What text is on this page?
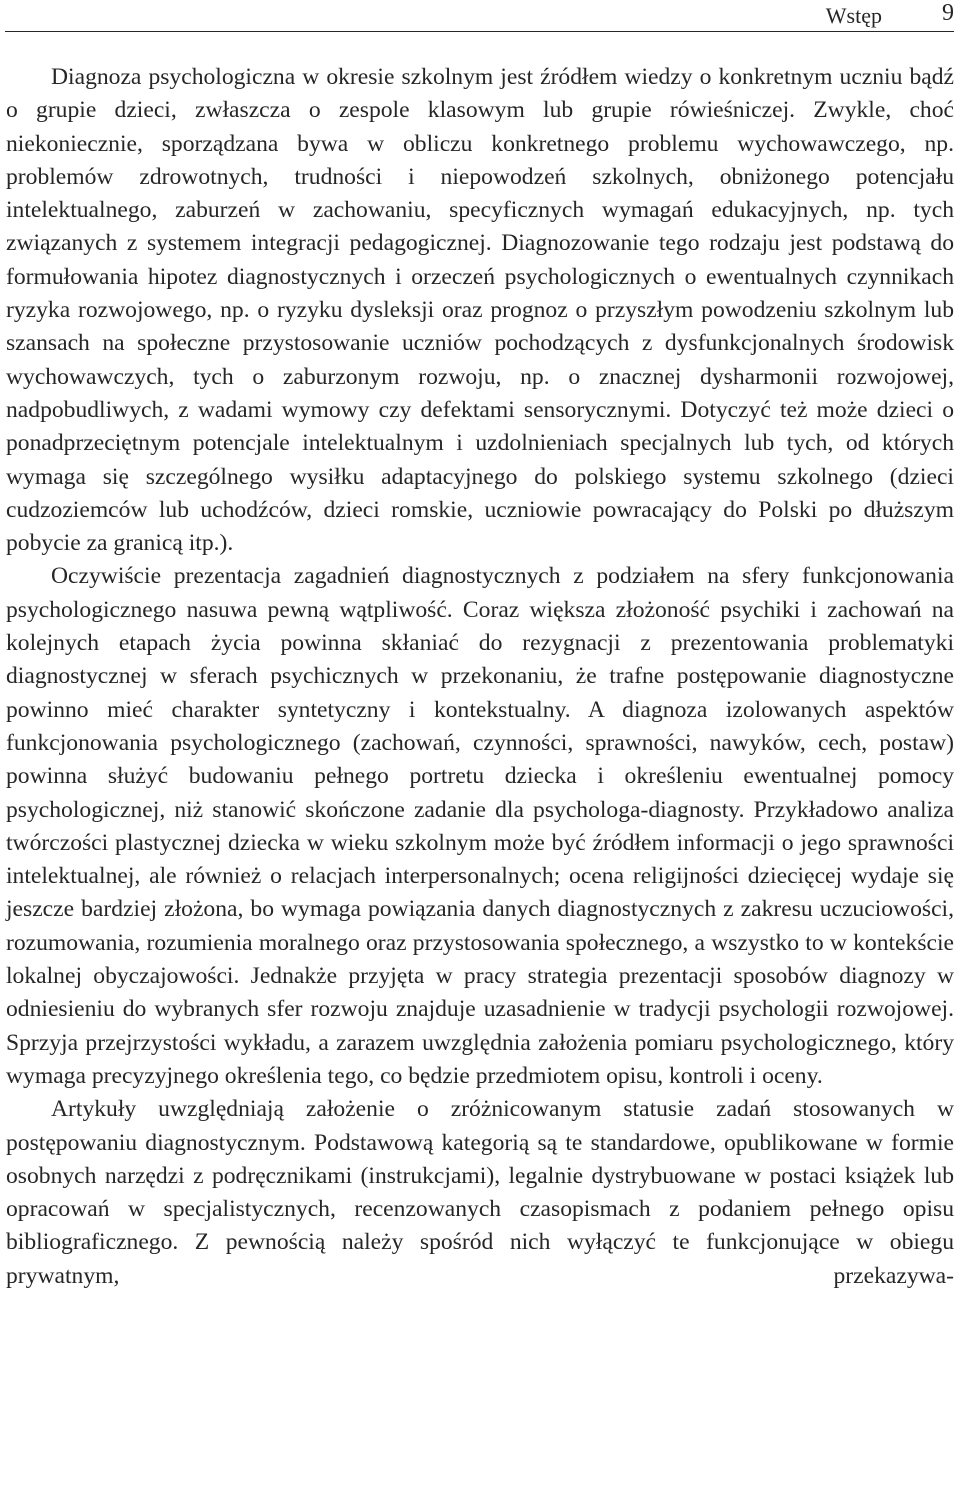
Wstęp	9

Diagnoza psychologiczna w okresie szkolnym jest źródłem wiedzy o konkretnym uczniu bądź o grupie dzieci, zwłaszcza o zespole klasowym lub grupie rówieśniczej. Zwykle, choć niekoniecznie, sporządzana bywa w obliczu konkretnego problemu wychowawczego, np. problemów zdrowotnych, trudności i niepowodzeń szkolnych, obniżonego potencjału intelektualnego, zaburzeń w zachowaniu, specyficznych wymagań edukacyjnych, np. tych związanych z systemem integracji pedagogicznej. Diagnozowanie tego rodzaju jest podstawą do formułowania hipotez diagnostycznych i orzeczeń psychologicznych o ewentualnych czynnikach ryzyka rozwojowego, np. o ryzyku dysleksji oraz prognoz o przyszłym powodzeniu szkolnym lub szansach na społeczne przystosowanie uczniów pochodzących z dysfunkcjonalnych środowisk wychowawczych, tych o zaburzonym rozwoju, np. o znacznej dysharmonii rozwojowej, nadpobudliwych, z wadami wymowy czy defektami sensorycznymi. Dotyczyć też może dzieci o ponadprzeciętnym potencjale intelektualnym i uzdolnieniach specjalnych lub tych, od których wymaga się szczególnego wysiłku adaptacyjnego do polskiego systemu szkolnego (dzieci cudzoziemców lub uchodźców, dzieci romskie, uczniowie powracający do Polski po dłuższym pobycie za granicą itp.).

Oczywiście prezentacja zagadnień diagnostycznych z podziałem na sfery funkcjonowania psychologicznego nasuwa pewną wątpliwość. Coraz większa złożoność psychiki i zachowań na kolejnych etapach życia powinna skłaniać do rezygnacji z prezentowania problematyki diagnostycznej w sferach psychicznych w przekonaniu, że trafne postępowanie diagnostyczne powinno mieć charakter syntetyczny i kontekstualny. A diagnoza izolowanych aspektów funkcjonowania psychologicznego (zachowań, czynności, sprawności, nawyków, cech, postaw) powinna służyć budowaniu pełnego portretu dziecka i określeniu ewentualnej pomocy psychologicznej, niż stanowić skończone zadanie dla psychologa-diagnosty. Przykładowo analiza twórczości plastycznej dziecka w wieku szkolnym może być źródłem informacji o jego sprawności intelektualnej, ale również o relacjach interpersonalnych; ocena religijności dziecięcej wydaje się jeszcze bardziej złożona, bo wymaga powiązania danych diagnostycznych z zakresu uczuciowości, rozumowania, rozumienia moralnego oraz przystosowania społecznego, a wszystko to w kontekście lokalnej obyczajowości. Jednakże przyjęta w pracy strategia prezentacji sposobów diagnozy w odniesieniu do wybranych sfer rozwoju znajduje uzasadnienie w tradycji psychologii rozwojowej. Sprzyja przejrzystości wykładu, a zarazem uwzględnia założenia pomiaru psychologicznego, który wymaga precyzyjnego określenia tego, co będzie przedmiotem opisu, kontroli i oceny.

Artykuły uwzględniają założenie o zróżnicowanym statusie zadań stosowanych w postępowaniu diagnostycznym. Podstawową kategorią są te standardowe, opublikowane w formie osobnych narzędzi z podręcznikami (instrukcjami), legalnie dystrybuowane w postaci książek lub opracowań w specjalistycznych, recenzowanych czasopismach z podaniem pełnego opisu bibliograficznego. Z pewnością należy spośród nich wyłączyć te funkcjonujące w obiegu prywatnym, przekazywa-
